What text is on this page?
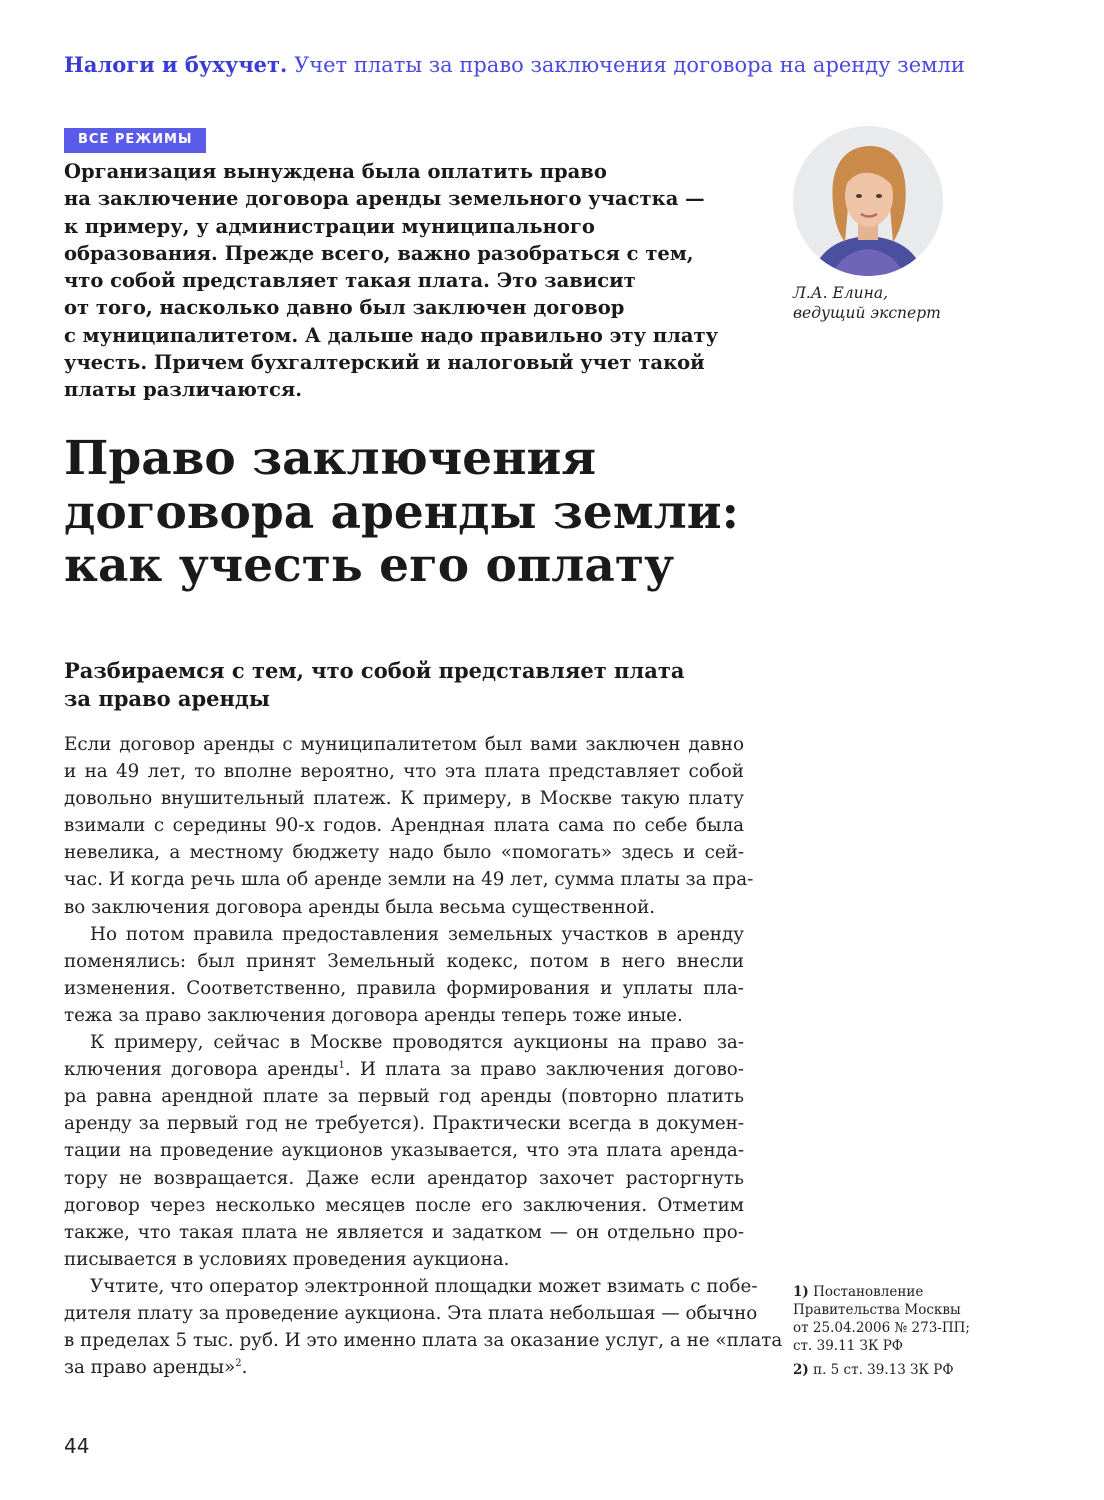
Налоги и бухучет. Учет платы за право заключения договора на аренду земли
ВСЕ РЕЖИМЫ
Организация вынуждена была оплатить право
на заключение договора аренды земельного участка —
к примеру, у администрации муниципального
образования. Прежде всего, важно разобраться с тем,
что собой представляет такая плата. Это зависит
от того, насколько давно был заключен договор
с муниципалитетом. А дальше надо правильно эту плату
учесть. Причем бухгалтерский и налоговый учет такой
платы различаются.
Л.А. Елина,
ведущий эксперт
Право заключения
договора аренды земли:
как учесть его оплату
Разбираемся с тем, что собой представляет плата
за право аренды
Если договор аренды с муниципалитетом был вами заключен давно
и на 49 лет, то вполне вероятно, что эта плата представляет собой
довольно внушительный платеж. К примеру, в Москве такую плату
взимали с середины 90-х годов. Арендная плата сама по себе была
невелика, а местному бюджету надо было «помогать» здесь и сей-
час. И когда речь шла об аренде земли на 49 лет, сумма платы за пра-
во заключения договора аренды была весьма существенной.
Но потом правила предоставления земельных участков в аренду
поменялись: был принят Земельный кодекс, потом в него внесли
изменения. Соответственно, правила формирования и уплаты пла-
тежа за право заключения договора аренды теперь тоже иные.
К примеру, сейчас в Москве проводятся аукционы на право за-
ключения договора аренды$^1$. И плата за право заключения догово-
ра равна арендной плате за первый год аренды (повторно платить
аренду за первый год не требуется). Практически всегда в докумен-
тации на проведение аукционов указывается, что эта плата аренда-
тору не возвращается. Даже если арендатор захочет расторгнуть
договор через несколько месяцев после его заключения. Отметим
также, что такая плата не является и задатком — он отдельно про-
писывается в условиях проведения аукциона.
Учтите, что оператор электронной площадки может взимать с побе-
дителя плату за проведение аукциона. Эта плата небольшая — обычно
в пределах 5 тыс. руб. И это именно плата за оказание услуг, а не «плата
за право аренды»$^2$.
1) Постановление
Правительства Москвы
от 25.04.2006 № 273-ПП;
ст. 39.11 ЗК РФ
2) п. 5 ст. 39.13 ЗК РФ
44
